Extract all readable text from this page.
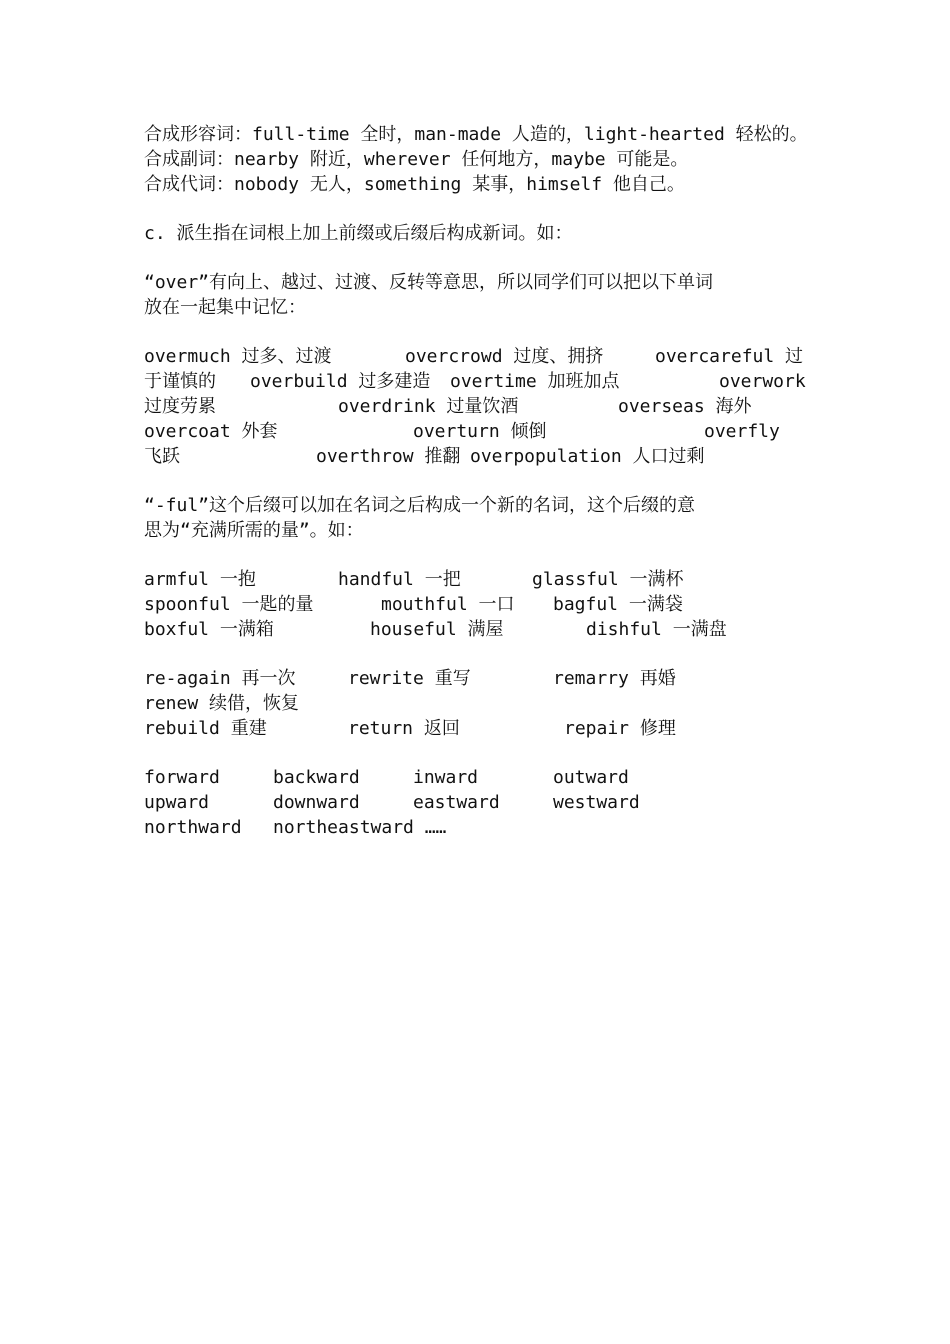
合成形容词：full-time 全时，man-made 人造的，light-hearted 轻松的。
合成副词：nearby 附近，wherever 任何地方，maybe 可能是。
合成代词：nobody 无人，something 某事，himself 他自己。
c. 派生指在词根上加上前缀或后缀后构成新词。如：
“over”有向上、越过、过渡、反转等意思，所以同学们可以把以下单词
放在一起集中记忆：
overmuch 过多、过渡	overcrowd 过度、拥挤	overcareful 过
于谨慎的 overbuild 过多建造 overtime 加班加点	overwork
过度劳累	overdrink 过量饮酒	overseas 海外
overcoat 外套	overturn 倾倒	overfly
飞跃	overthrow 推翻 overpopulation 人口过剩
“-ful”这个后缀可以加在名词之后构成一个新的名词，这个后缀的意
思为“充满所需的量”。如：
armful 一抱	handful 一把	glassful 一满杯
spoonful 一匙的量	mouthful 一口 bagful 一满袋
boxful 一满箱	houseful 满屋	dishful 一满盘
re-again 再一次	rewrite 重写	remarry 再婚
renew 续借，恢复
rebuild 重建	return 返回	repair 修理
forward	backward	inward	outward
upward	downward	eastward	westward
northward northeastward ……
